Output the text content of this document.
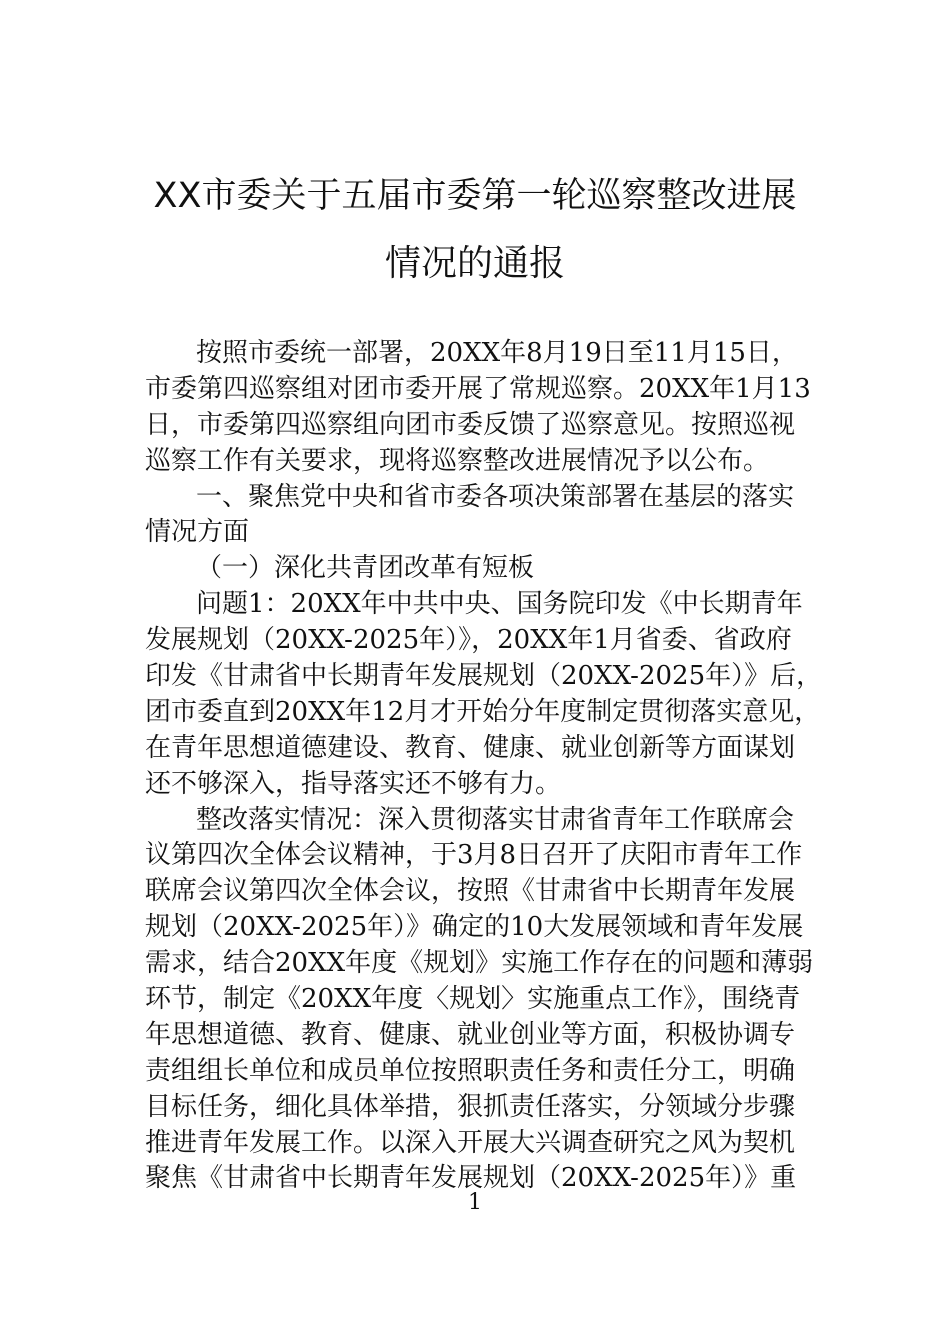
XX市委关于五届市委第一轮巡察整改进展
情况的通报
按照市委统一部署，20XX年8月19日至11月15日，
市委第四巡察组对团市委开展了常规巡察。20XX年1月13
日，市委第四巡察组向团市委反馈了巡察意见。按照巡视
巡察工作有关要求，现将巡察整改进展情况予以公布。
一、聚焦党中央和省市委各项决策部署在基层的落实
情况方面
（一）深化共青团改革有短板
问题1：20XX年中共中央、国务院印发《中长期青年
发展规划（20XX-2025年）》，20XX年1月省委、省政府
印发《甘肃省中长期青年发展规划（20XX-2025年）》后，
团市委直到20XX年12月才开始分年度制定贯彻落实意见，
在青年思想道德建设、教育、健康、就业创新等方面谋划
还不够深入，指导落实还不够有力。
整改落实情况：深入贯彻落实甘肃省青年工作联席会
议第四次全体会议精神，于3月8日召开了庆阳市青年工作
联席会议第四次全体会议，按照《甘肃省中长期青年发展
规划（20XX-2025年）》确定的10大发展领域和青年发展
需求，结合20XX年度《规划》实施工作存在的问题和薄弱
环节，制定《20XX年度〈规划〉实施重点工作》，围绕青
年思想道德、教育、健康、就业创业等方面，积极协调专
责组组长单位和成员单位按照职责任务和责任分工，明确
目标任务，细化具体举措，狠抓责任落实，分领域分步骤
推进青年发展工作。以深入开展大兴调查研究之风为契机
聚焦《甘肃省中长期青年发展规划（20XX-2025年）》重
1
